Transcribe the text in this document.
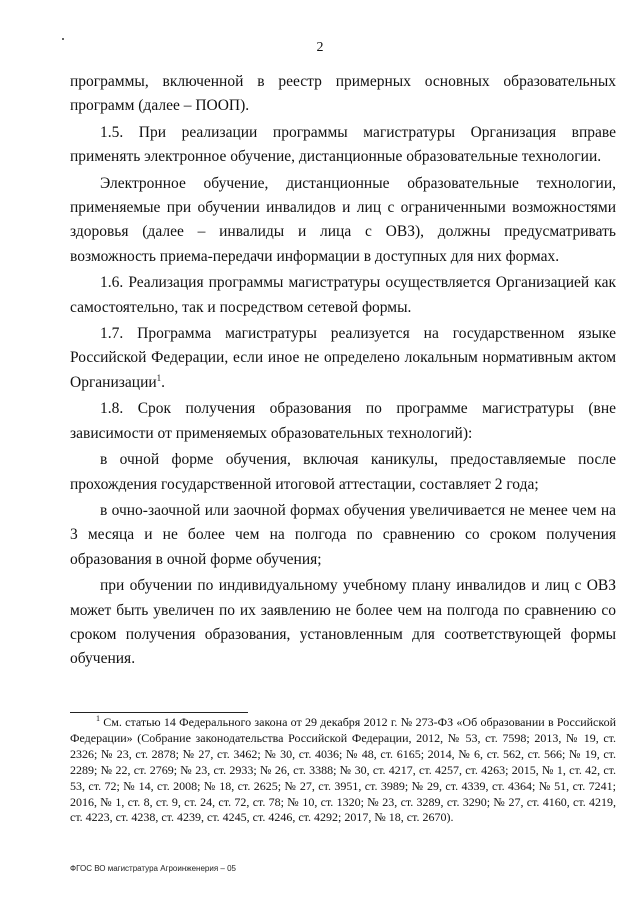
2

программы, включенной в реестр примерных основных образовательных программ (далее – ПООП).

1.5. При реализации программы магистратуры Организация вправе применять электронное обучение, дистанционные образовательные технологии.

Электронное обучение, дистанционные образовательные технологии, применяемые при обучении инвалидов и лиц с ограниченными возможностями здоровья (далее – инвалиды и лица с ОВЗ), должны предусматривать возможность приема-передачи информации в доступных для них формах.

1.6. Реализация программы магистратуры осуществляется Организацией как самостоятельно, так и посредством сетевой формы.

1.7. Программа магистратуры реализуется на государственном языке Российской Федерации, если иное не определено локальным нормативным актом Организации$^1$.

1.8. Срок получения образования по программе магистратуры (вне зависимости от применяемых образовательных технологий):

в очной форме обучения, включая каникулы, предоставляемые после прохождения государственной итоговой аттестации, составляет 2 года;

в очно-заочной или заочной формах обучения увеличивается не менее чем на 3 месяца и не более чем на полгода по сравнению со сроком получения образования в очной форме обучения;

при обучении по индивидуальному учебному плану инвалидов и лиц с ОВЗ может быть увеличен по их заявлению не более чем на полгода по сравнению со сроком получения образования, установленным для соответствующей формы обучения.

$^1$ См. статью 14 Федерального закона от 29 декабря 2012 г. № 273-ФЗ «Об образовании в Российской Федерации» (Собрание законодательства Российской Федерации, 2012, № 53, ст. 7598; 2013, № 19, ст. 2326; № 23, ст. 2878; № 27, ст. 3462; № 30, ст. 4036; № 48, ст. 6165; 2014, № 6, ст. 562, ст. 566; № 19, ст. 2289; № 22, ст. 2769; № 23, ст. 2933; № 26, ст. 3388; № 30, ст. 4217, ст. 4257, ст. 4263; 2015, № 1, ст. 42, ст. 53, ст. 72; № 14, ст. 2008; № 18, ст. 2625; № 27, ст. 3951, ст. 3989; № 29, ст. 4339, ст. 4364; № 51, ст. 7241; 2016, № 1, ст. 8, ст. 9, ст. 24, ст. 72, ст. 78; № 10, ст. 1320; № 23, ст. 3289, ст. 3290; № 27, ст. 4160, ст. 4219, ст. 4223, ст. 4238, ст. 4239, ст. 4245, ст. 4246, ст. 4292; 2017, № 18, ст. 2670).
ФГОС ВО магистратура Агроинженерия – 05
